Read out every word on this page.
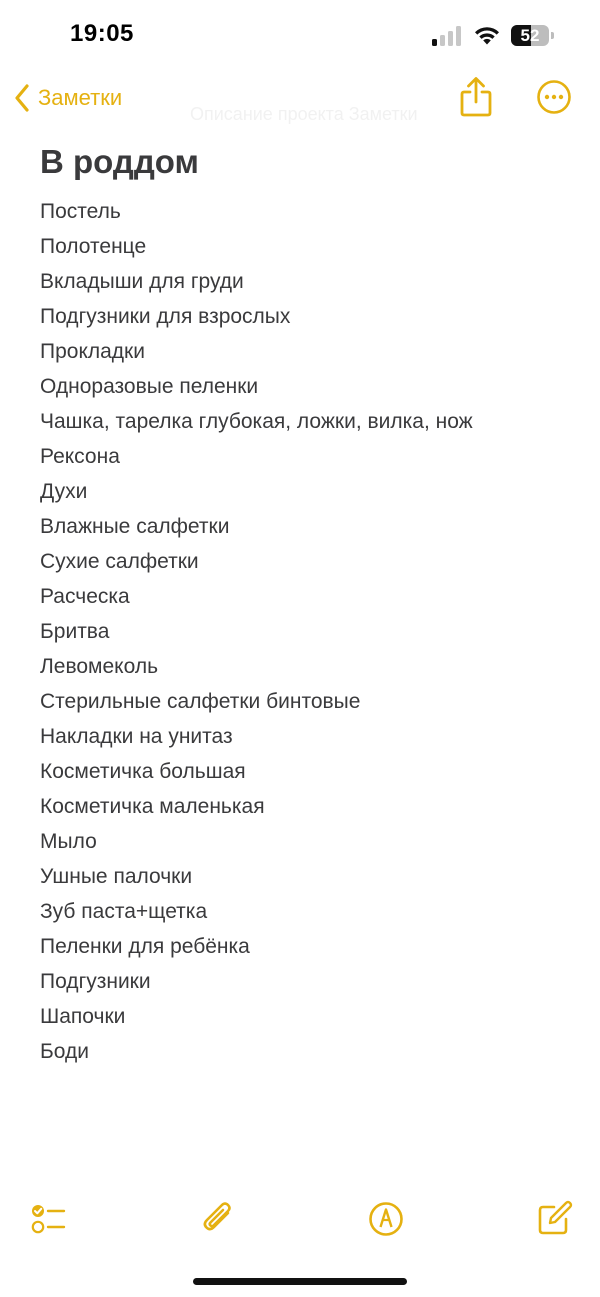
19:05	52
Заметки
Описание проекта Заметки
В роддом
Постель
Полотенце
Вкладыши для груди
Подгузники для взрослых
Прокладки
Одноразовые пеленки
Чашка, тарелка глубокая, ложки, вилка, нож
Рексона
Духи
Влажные салфетки
Сухие салфетки
Расческа
Бритва
Левомеколь
Стерильные салфетки бинтовые
Накладки на унитаз
Косметичка большая
Косметичка маленькая
Мыло
Ушные палочки
Зуб паста+щетка
Пеленки для ребёнка
Подгузники
Шапочки
Боди
